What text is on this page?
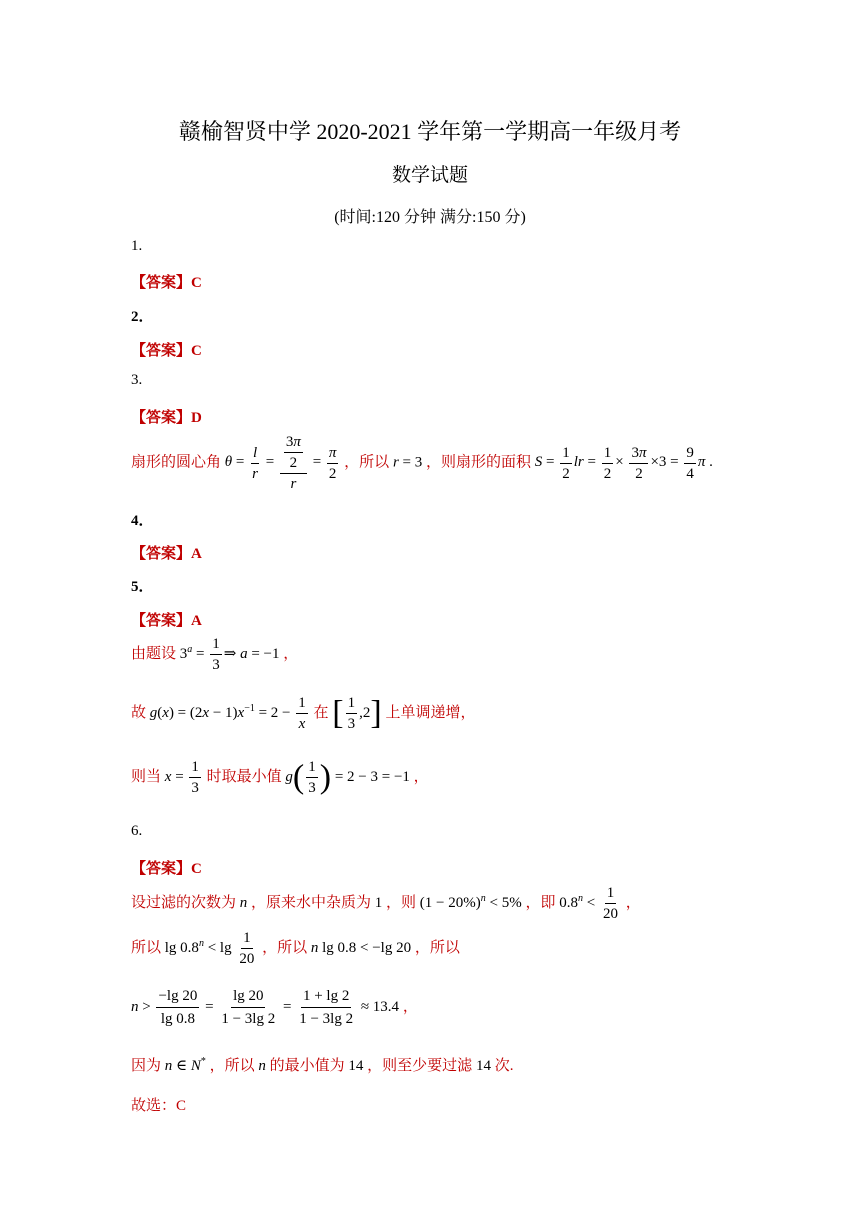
赣榆智贤中学 2020-2021 学年第一学期高一年级月考
数学试题
(时间:120 分钟 满分:150 分)
1.
【答案】C
2．
【答案】C
3.
【答案】D
扇形的圆心角 $\theta = \frac{l}{r} = \frac{\frac{3\pi}{2}}{r} = \frac{\pi}{2}$ ，所以 r = 3 ，则扇形的面积 $S = \frac{1}{2}$ lr = $\frac{1}{2} \times \frac{3\pi}{2} \times 3 = \frac{9}{4}$ π .
4．
【答案】A
5．
【答案】A
由题设 $3^a = \frac{1}{3}$ ⇒ a = −1 ，
故 $g(x) = (2x - 1)x^{-1} = 2 - \frac{1}{x}$ 在 [ $\frac{1}{3} ,2$] 上单调递增，
则当 $x = \frac{1}{3}$ 时取最小值 $g( \frac{1}{3}$ ) = 2 − 3 = −1 ，
6.
【答案】C
设过滤的次数为 n ，原来水中杂质为 1 ，则 $(1 - 20\%)^n < 5\%$ ，即 $0.8^n < \frac{1}{20}$ ，
所以 $\lg 0.8^n < \lg \frac{1}{20}$ ，所以 n lg 0.8 < −lg 20 ，所以
$n > \frac{-\lg 20}{\lg 0.8} = \frac{\lg 20}{1 - 3\lg 2} = \frac{1 + \lg 2}{1 - 3\lg 2} \approx 13.4$ ，
因为 n ∈ N* ，所以 n 的最小值为 14 ，则至少要过滤 14 次.
故选：C
